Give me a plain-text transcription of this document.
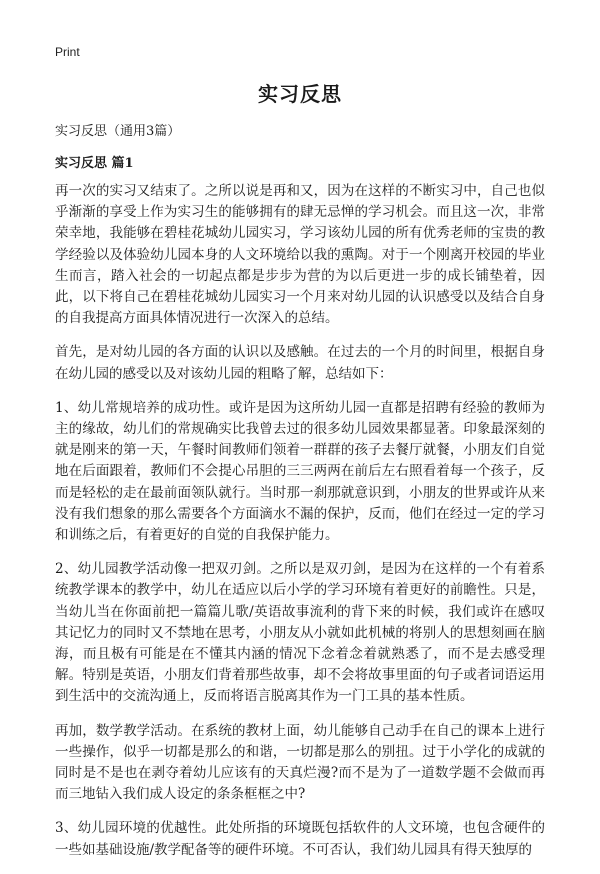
Print
实习反思

实习反思（通用3篇）

实习反思 篇1

再一次的实习又结束了。之所以说是再和又，因为在这样的不断实习中，自己也似乎渐渐的享受上作为实习生的能够拥有的肆无忌惮的学习机会。而且这一次，非常荣幸地，我能够在碧桂花城幼儿园实习，学习该幼儿园的所有优秀老师的宝贵的教学经验以及体验幼儿园本身的人文环境给以我的熏陶。对于一个刚离开校园的毕业生而言，踏入社会的一切起点都是步步为营的为以后更进一步的成长铺垫着，因此，以下将自己在碧桂花城幼儿园实习一个月来对幼儿园的认识感受以及结合自身的自我提高方面具体情况进行一次深入的总结。

首先，是对幼儿园的各方面的认识以及感触。在过去的一个月的时间里，根据自身在幼儿园的感受以及对该幼儿园的粗略了解，总结如下：

1、幼儿常规培养的成功性。或许是因为这所幼儿园一直都是招聘有经验的教师为主的缘故，幼儿们的常规确实比我曾去过的很多幼儿园效果都显著。印象最深刻的就是刚来的第一天，午餐时间教师们领着一群群的孩子去餐厅就餐，小朋友们自觉地在后面跟着，教师们不会提心吊胆的三三两两在前后左右照看着每一个孩子，反而是轻松的走在最前面领队就行。当时那一刹那就意识到，小朋友的世界或许从来没有我们想象的那么需要各个方面滴水不漏的保护，反而，他们在经过一定的学习和训练之后，有着更好的自觉的自我保护能力。

2、幼儿园教学活动像一把双刃剑。之所以是双刃剑，是因为在这样的一个有着系统教学课本的教学中，幼儿在适应以后小学的学习环境有着更好的前瞻性。只是，当幼儿当在你面前把一篇篇儿歌/英语故事流利的背下来的时候，我们或许在感叹其记忆力的同时又不禁地在思考，小朋友从小就如此机械的将别人的思想刻画在脑海，而且极有可能是在不懂其内涵的情况下念着念着就熟悉了，而不是去感受理解。特别是英语，小朋友们背着那些故事，却不会将故事里面的句子或者词语运用到生活中的交流沟通上，反而将语言脱离其作为一门工具的基本性质。

再加，数学教学活动。在系统的教材上面，幼儿能够自己动手在自己的课本上进行一些操作，似乎一切都是那么的和谐，一切都是那么的别扭。过于小学化的成就的同时是不是也在剥夺着幼儿应该有的天真烂漫?而不是为了一道数学题不会做而再而三地钻入我们成人设定的条条框框之中?

3、幼儿园环境的优越性。此处所指的环境既包括软件的人文环境，也包含硬件的一些如基础设施/教学配备等的硬件环境。不可否认，我们幼儿园具有得天独厚的
